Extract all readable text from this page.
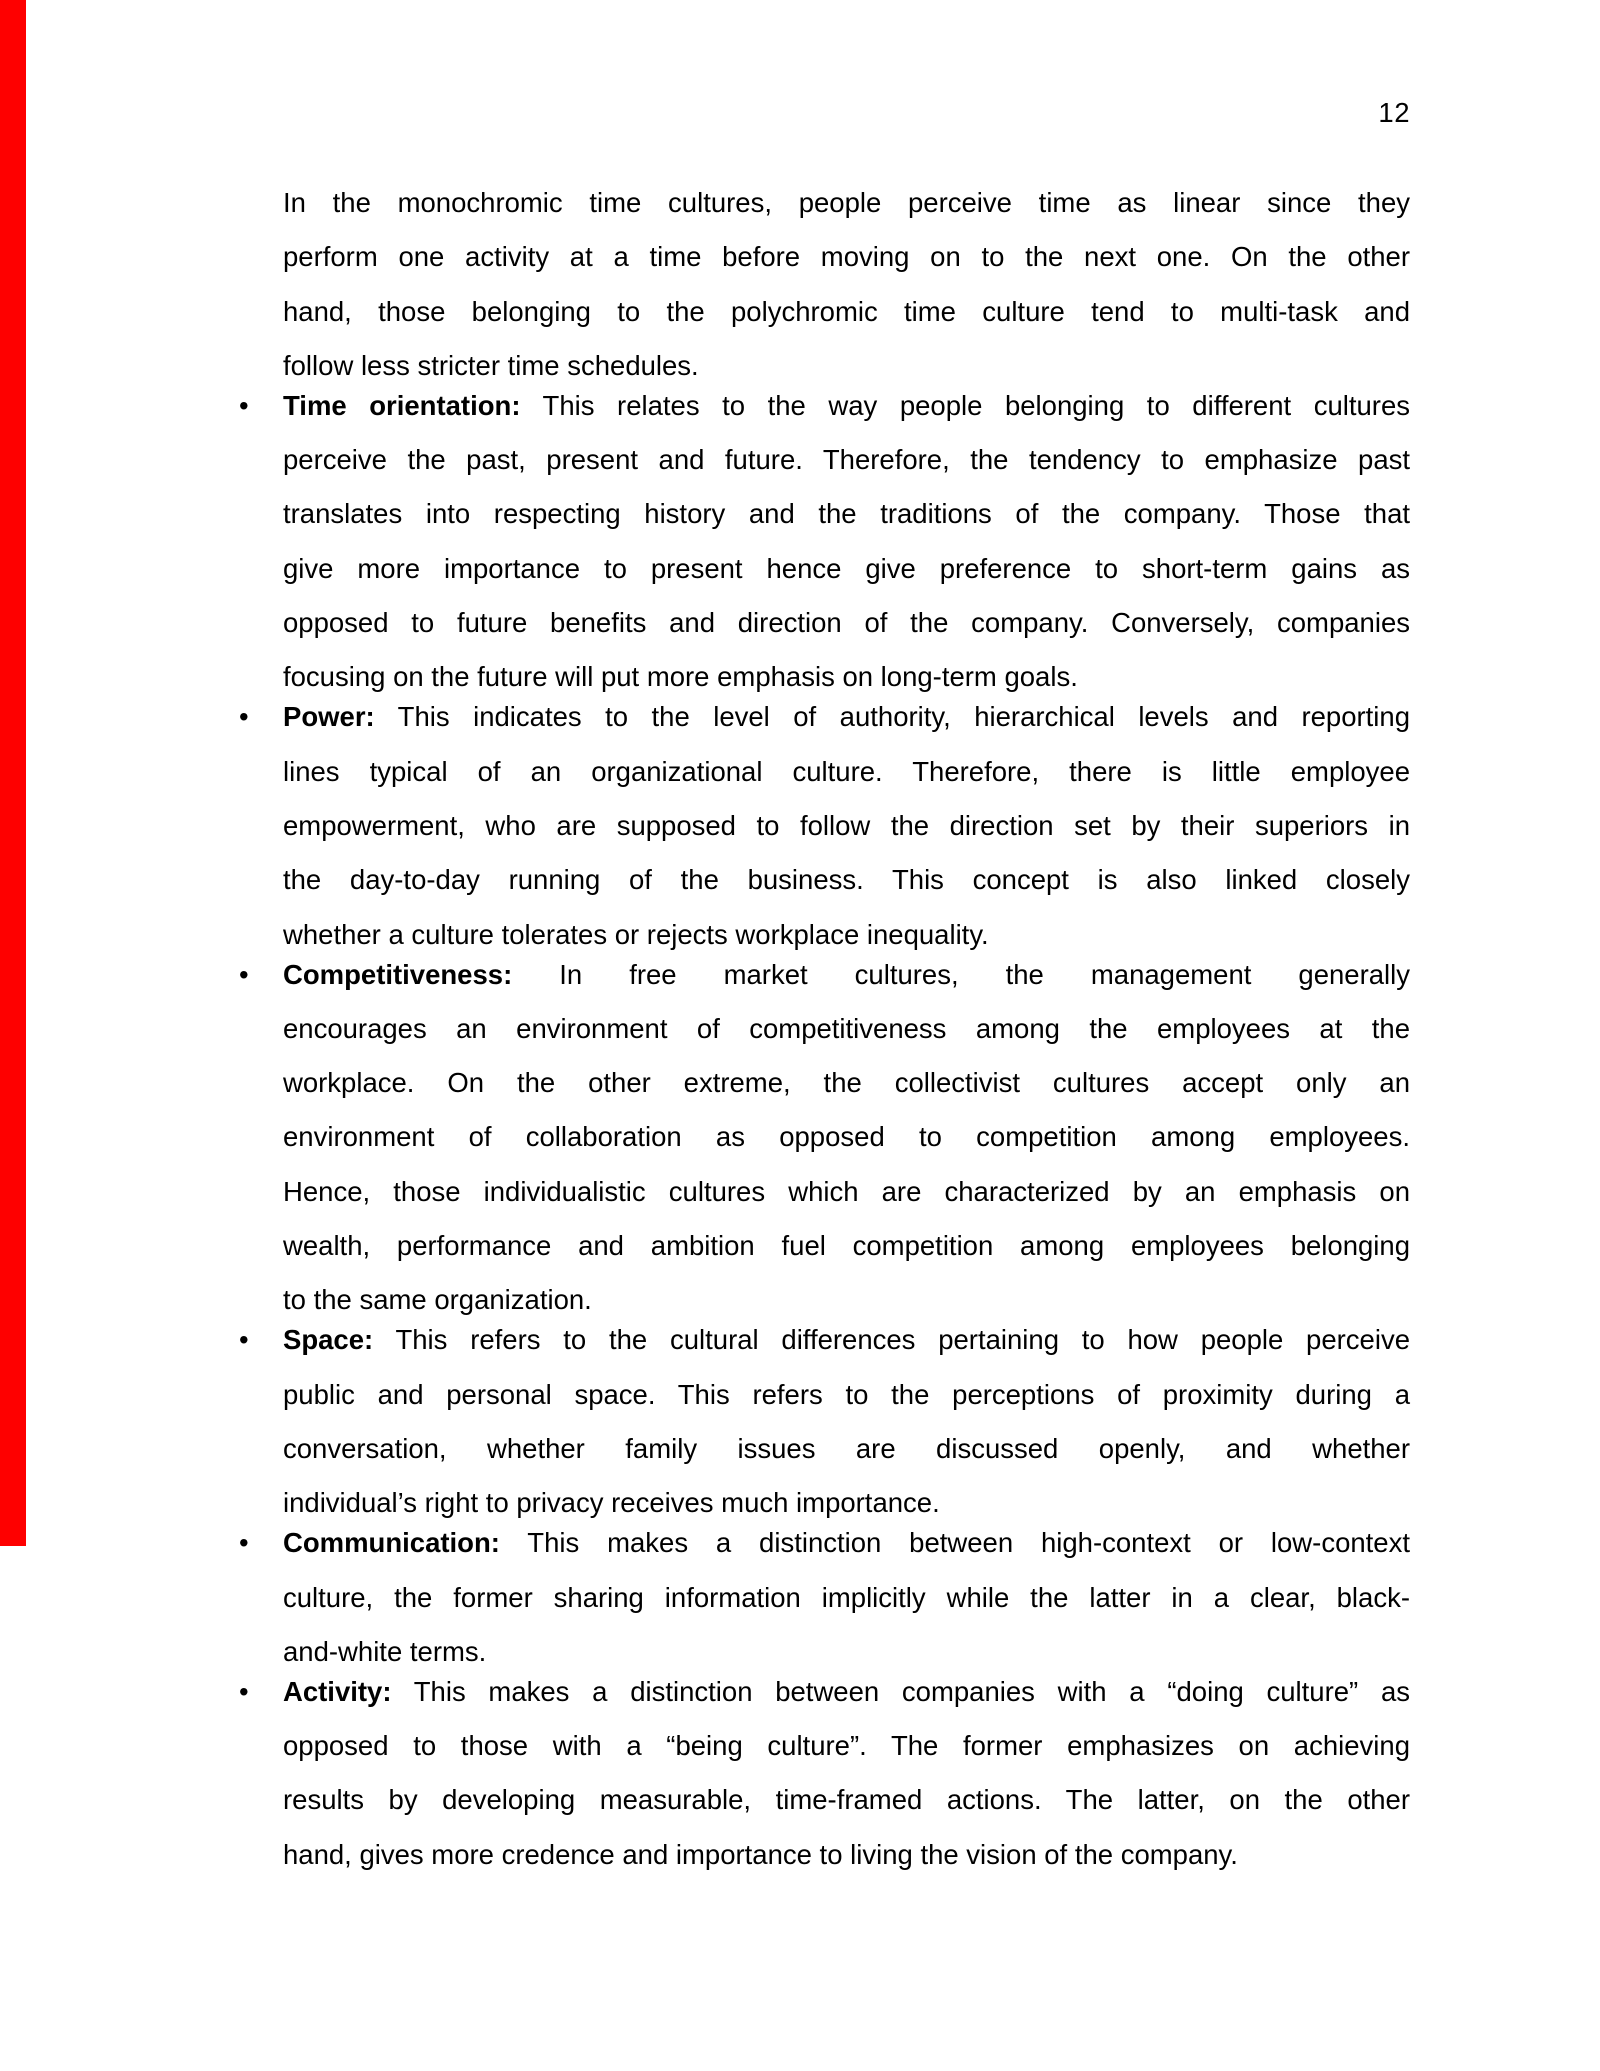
12
In the monochromic time cultures, people perceive time as linear since they
perform one activity at a time before moving on to the next one. On the other
hand, those belonging to the polychromic time culture tend to multi-task and
follow less stricter time schedules.
•	Time orientation: This relates to the way people belonging to different cultures
perceive the past, present and future. Therefore, the tendency to emphasize past
translates into respecting history and the traditions of the company. Those that
give more importance to present hence give preference to short-term gains as
opposed to future benefits and direction of the company. Conversely, companies
focusing on the future will put more emphasis on long-term goals.
•	Power: This indicates to the level of authority, hierarchical levels and reporting
lines typical of an organizational culture. Therefore, there is little employee
empowerment, who are supposed to follow the direction set by their superiors in
the day-to-day running of the business. This concept is also linked closely
whether a culture tolerates or rejects workplace inequality.
•	Competitiveness: In free market cultures, the management generally
encourages an environment of competitiveness among the employees at the
workplace. On the other extreme, the collectivist cultures accept only an
environment of collaboration as opposed to competition among employees.
Hence, those individualistic cultures which are characterized by an emphasis on
wealth, performance and ambition fuel competition among employees belonging
to the same organization.
•	Space: This refers to the cultural differences pertaining to how people perceive
public and personal space. This refers to the perceptions of proximity during a
conversation, whether family issues are discussed openly, and whether
individual’s right to privacy receives much importance.
•	Communication: This makes a distinction between high-context or low-context
culture, the former sharing information implicitly while the latter in a clear, black-
and-white terms.
•	Activity: This makes a distinction between companies with a “doing culture” as
opposed to those with a “being culture”. The former emphasizes on achieving
results by developing measurable, time-framed actions. The latter, on the other
hand, gives more credence and importance to living the vision of the company.
